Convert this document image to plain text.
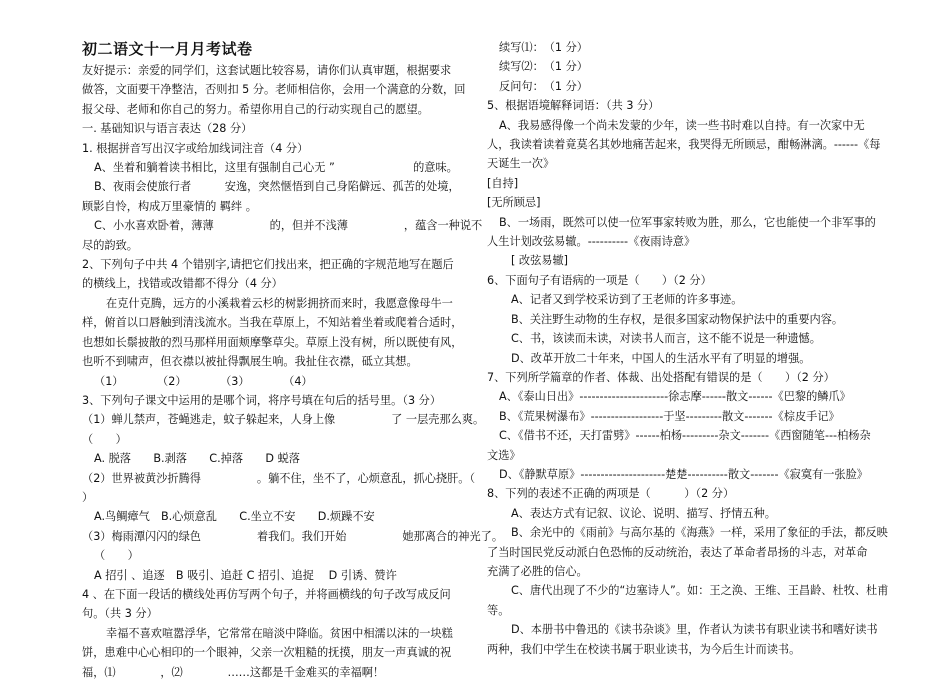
初二语文十一月月考试卷
友好提示：亲爱的同学们，这套试题比较容易，请你们认真审题，根据要求
做答，文面要干净整洁，否则扣 5 分。老师相信你，会用一个满意的分数，回
报父母、老师和你自己的努力。希望你用自己的行动实现自己的愿望。
一. 基础知识与语言表达（28 分）
1. 根据拼音写出汉字或给加线词注音（4 分）
A、坐着和躺着读书相比，这里有强制自己心无 ”　　　　　　　的意味。
B、夜雨会使旅行者　　　安逸，突然惬悟到自己身陷僻远、孤苦的处境，
顾影自怜，构成万里豪情的 羁绊 。
C、小水喜欢卧着，薄薄　　　　　的，但并不浅薄　　　　　，蕴含一种说不
尽的韵致。
2、下列句子中共 4 个错别字,请把它们找出来，把正确的字规范地写在题后
的横线上，找错或改错都不得分（4 分）
在克什克腾，远方的小溪栽着云杉的树影拥挤而来时，我愿意像母牛一
样，俯首以口唇触到清浅流水。当我在草原上，不知站着坐着或爬着合适时，
也想如长鬃披散的烈马那样用面颊摩擎草尖。草原上没有树，所以既使有风，
也听不到啸声，但衣襟以被扯得飘展生响。我扯住衣襟，砥立其想。
（1）　　　　（2）　　　　（3）　　　　（4）
3、下列句子课文中运用的是哪个词，将序号填在句后的括号里。（3 分）
（1）蝉儿禁声，苍蝇逃走，蚊子躲起来，人身上像　　　　　了 一层壳那么爽。
（　　）
A. 脱落　　B.剥落　　C.掉落　　D 蜕落
（2）世界被黄沙折腾得　　　　　。躺不住，坐不了，心烦意乱，抓心挠肝。（
）
A.鸟鲷瘴气　B.心烦意乱　　C.坐立不安　　D.烦躁不安
（3）梅雨潭闪闪的绿色　　　　　着我们。我们开始　　　　　她那离合的神光了。
（　　）
A 招引 、追逐　B 吸引、追赶 C 招引、追捉　 D 引诱、赞许
4 、在下面一段话的横线处再仿写两个句子，并将画横线的句子改写成反问
句。（共 3 分）
幸福不喜欢喧嚣浮华，它常常在暗淡中降临。贫困中相濡以沫的一块糕
饼，患难中心心相印的一个眼神，父亲一次粗糙的抚摸，朋友一声真诚的祝
福，⑴　　　　，⑵　　　　……这都是千金难买的幸福啊！
续写⑴：　（1 分）
续写⑵：　（1 分）
反问句：　（1 分）
5、根据语境解释词语：（共 3 分）
A、我易感得像一个尚未发蒙的少年，读一些书时难以自持。有一次家中无
人，我读着读着竟莫名其妙地痛苦起来，我哭得无所顾忌，酣畅淋漓。------《每
天诞生一次》
[自持]
[无所顾忌]
B、一场雨，既然可以使一位军事家转败为胜，那么，它也能使一个非军事的
人生计划改弦易辙。----------《夜雨诗意》
[ 改弦易辙]
6、下面句子有语病的一项是（　　）（2 分）
A、记者又到学校采访到了王老师的许多事迹。
B、关注野生动物的生存权，是很多国家动物保护法中的重要内容。
C、书，该读而未读，对读书人而言，这不能不说是一种遗憾。
D、改革开放二十年来，中国人的生活水平有了明显的增强。
7、下列所学篇章的作者、体裁、出处搭配有错误的是（　　）（2 分）
A、《泰山日出》----------------------徐志摩------散文------《巴黎的鳞爪》
B、《荒果树瀑布》------------------于坚---------散文-------《棕皮手记》
C、《借书不还，天打雷劈》------柏杨---------杂文-------《西窗随笔---柏杨杂
文选》
D、《静默草原》---------------------楚楚----------散文-------《寂寞有一张脸》
8、下列的表述不正确的两项是（　　　）（2 分）
A、表达方式有记叙、议论、说明、描写、抒情五种。
B、余光中的《雨前》与高尔基的《海燕》一样，采用了象征的手法，都反映
了当时国民党反动派白色恐怖的反动统治，表达了革命者昂扬的斗志，对革命
充满了必胜的信心。
C、唐代出现了不少的“边塞诗人”。如：王之涣、王维、王昌龄、杜牧、杜甫
等。
D、本册书中鲁迅的《读书杂谈》里，作者认为读书有职业读书和嗜好读书
两种，我们中学生在校读书属于职业读书，为今后生计而读书。
